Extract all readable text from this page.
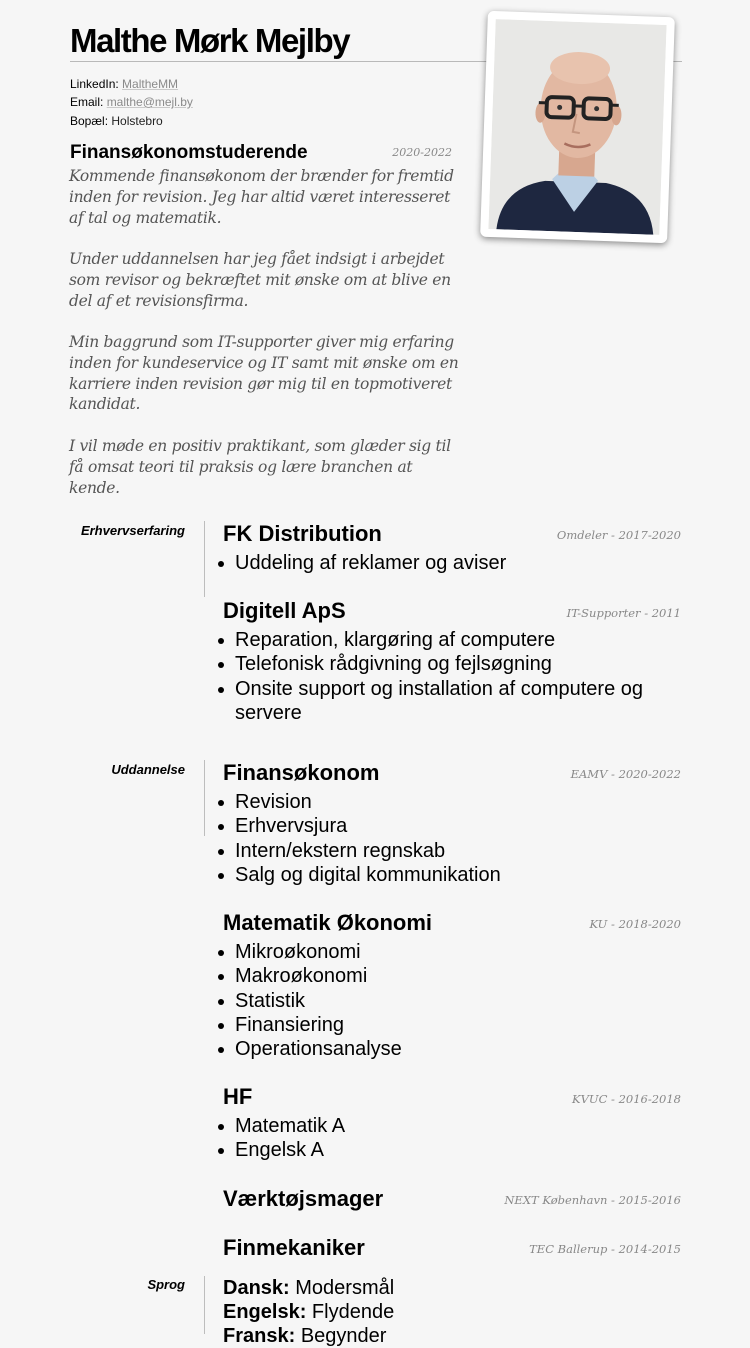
Malthe Mørk Mejlby
LinkedIn: MaltheMM
Email: malthe@mejl.by
Bopæl: Holstebro
Finansøkonomstuderende	2020-2022

Kommende finansøkonom der brænder for fremtid inden for revision. Jeg har altid været interesseret af tal og matematik.

Under uddannelsen har jeg fået indsigt i arbejdet som revisor og bekræftet mit ønske om at blive en del af et revisionsfirma.

Min baggrund som IT-supporter giver mig erfaring inden for kundeservice og IT samt mit ønske om en karriere inden revision gør mig til en topmotiveret kandidat.

I vil møde en positiv praktikant, som glæder sig til få omsat teori til praksis og lære branchen at kende.

Erhvervserfaring FK Distribution	Omdeler - 2017-2020
Uddeling af reklamer og aviser
Digitell ApS	IT-Supporter - 2011
Reparation, klargøring af computere
Telefonisk rådgivning og fejlsøgning
Onsite support og installation af computere og servere
Uddannelse Finansøkonom	EAMV - 2020-2022
Revision
Erhvervsjura
Intern/ekstern regnskab
Salg og digital kommunikation
Matematik Økonomi	KU - 2018-2020
Mikroøkonomi
Makroøkonomi
Statistik
Finansiering
Operationsanalyse
HF	KVUC - 2016-2018
Matematik A
Engelsk A
Værktøjsmager	NEXT København - 2015-2016
Finmekaniker	TEC Ballerup - 2014-2015
Sprog Dansk: Modersmål
Engelsk: Flydende
Fransk: Begynder
